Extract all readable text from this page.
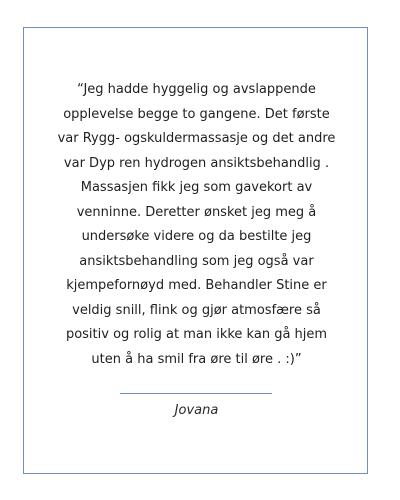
“Jeg hadde hyggelig og avslappende
opplevelse begge to gangene. Det første
var Rygg- ogskuldermassasje og det andre
var Dyp ren hydrogen ansiktsbehandlig .
Massasjen fikk jeg som gavekort av
venninne. Deretter ønsket jeg meg å
undersøke videre og da bestilte jeg
ansiktsbehandling som jeg også var
kjempefornøyd med. Behandler Stine er
veldig snill, flink og gjør atmosfære så
positiv og rolig at man ikke kan gå hjem
uten å ha smil fra øre til øre . :)”

Jovana
